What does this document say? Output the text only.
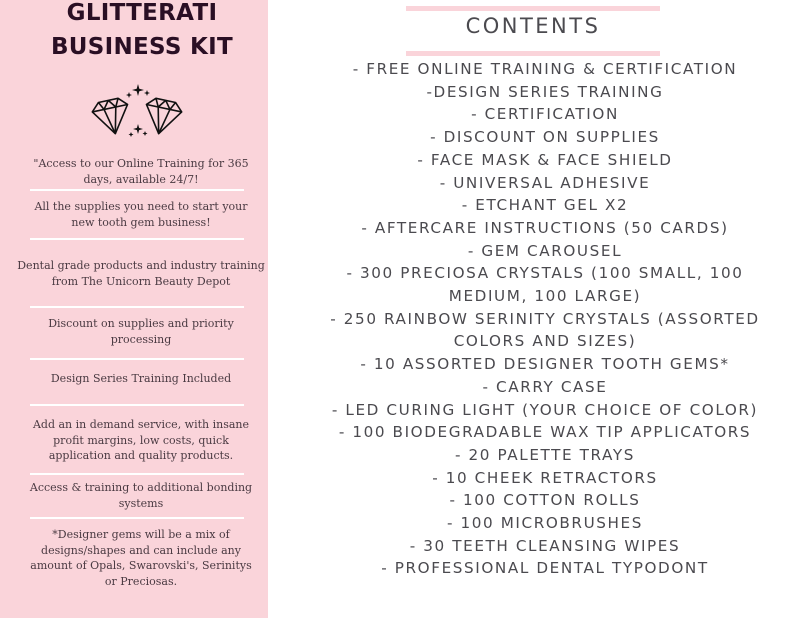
GLITTERATI
BUSINESS KIT
"Access to our Online Training for 365
days, available 24/7!
All the supplies you need to start your
new tooth gem business!
Dental grade products and industry training
from The Unicorn Beauty Depot
Discount on supplies and priority
processing
Design Series Training Included
Add an in demand service, with insane
profit margins, low costs, quick
application and quality products.
Access & training to additional bonding
systems
*Designer gems will be a mix of
designs/shapes and can include any
amount of Opals, Swarovski's, Serinitys
or Preciosas.
CONTENTS
- FREE ONLINE TRAINING & CERTIFICATION
-DESIGN SERIES TRAINING
- CERTIFICATION
- DISCOUNT ON SUPPLIES
- FACE MASK & FACE SHIELD
- UNIVERSAL ADHESIVE
- ETCHANT GEL X2
- AFTERCARE INSTRUCTIONS (50 CARDS)
- GEM CAROUSEL
- 300 PRECIOSA CRYSTALS (100 SMALL, 100
MEDIUM, 100 LARGE)
- 250 RAINBOW SERINITY CRYSTALS (ASSORTED
COLORS AND SIZES)
- 10 ASSORTED DESIGNER TOOTH GEMS*
- CARRY CASE
- LED CURING LIGHT (YOUR CHOICE OF COLOR)
- 100 BIODEGRADABLE WAX TIP APPLICATORS
- 20 PALETTE TRAYS
- 10 CHEEK RETRACTORS
- 100 COTTON ROLLS
- 100 MICROBRUSHES
- 30 TEETH CLEANSING WIPES
- PROFESSIONAL DENTAL TYPODONT
